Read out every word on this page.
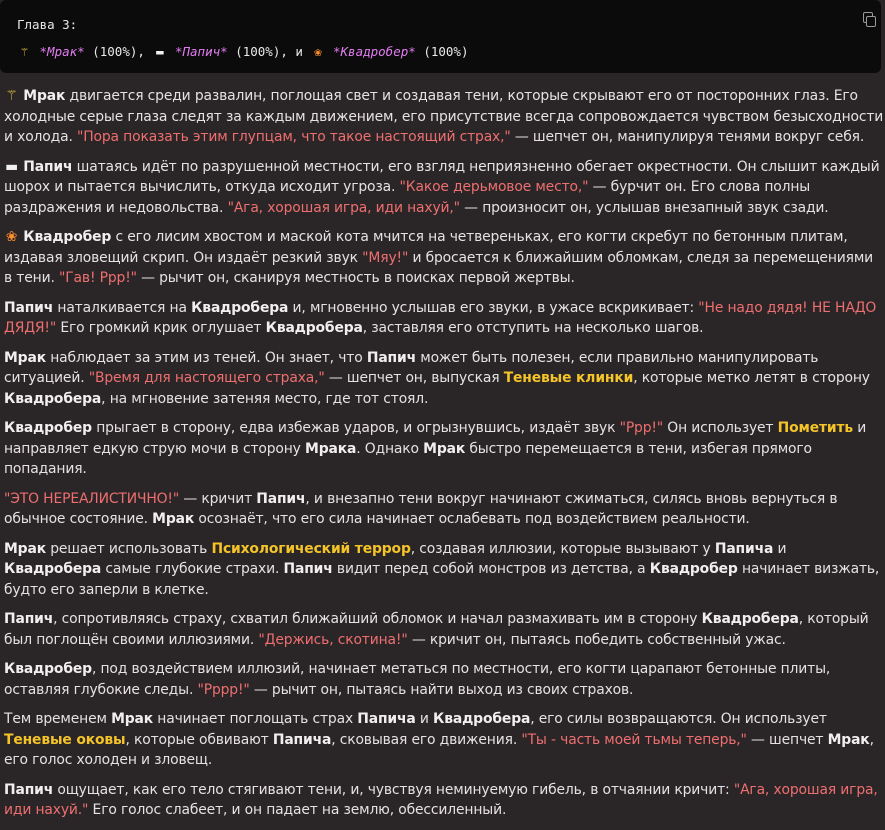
Глава 3:
⚚ *Мрак* (100%), ▬ *Папич* (100%), и ❀ *Квадробер* (100%)

⚚ Мрак двигается среди развалин, поглощая свет и создавая тени, которые скрывают его от посторонних глаз. Его холодные серые глаза следят за каждым движением, его присутствие всегда сопровождается чувством безысходности и холода. "Пора показать этим глупцам, что такое настоящий страх," — шепчет он, манипулируя тенями вокруг себя.

▬ Папич шатаясь идёт по разрушенной местности, его взгляд неприязненно обегает окрестности. Он слышит каждый шорох и пытается вычислить, откуда исходит угроза. "Какое дерьмовое место," — бурчит он. Его слова полны раздражения и недовольства. "Ага, хорошая игра, иди нахуй," — произносит он, услышав внезапный звук сзади.

❀ Квадробер с его лисим хвостом и маской кота мчится на четвереньках, его когти скребут по бетонным плитам, издавая зловещий скрип. Он издаёт резкий звук "Мяу!" и бросается к ближайшим обломкам, следя за перемещениями в тени. "Гав! Ррр!" — рычит он, сканируя местность в поисках первой жертвы.

Папич наталкивается на Квадробера и, мгновенно услышав его звуки, в ужасе вскрикивает: "Не надо дядя! НЕ НАДО ДЯДЯ!" Его громкий крик оглушает Квадробера, заставляя его отступить на несколько шагов.

Мрак наблюдает за этим из теней. Он знает, что Папич может быть полезен, если правильно манипулировать ситуацией. "Время для настоящего страха," — шепчет он, выпуская Теневые клинки, которые метко летят в сторону Квадробера, на мгновение затеняя место, где тот стоял.

Квадробер прыгает в сторону, едва избежав ударов, и огрызнувшись, издаёт звук "Ррр!" Он использует Пометить и направляет едкую струю мочи в сторону Мрака. Однако Мрак быстро перемещается в тени, избегая прямого попадания.

"ЭТО НЕРЕАЛИСТИЧНО!" — кричит Папич, и внезапно тени вокруг начинают сжиматься, силясь вновь вернуться в обычное состояние. Мрак осознаёт, что его сила начинает ослабевать под воздействием реальности.

Мрак решает использовать Психологический террор, создавая иллюзии, которые вызывают у Папича и Квадробера самые глубокие страхи. Папич видит перед собой монстров из детства, а Квадробер начинает визжать, будто его заперли в клетке.

Папич, сопротивляясь страху, схватил ближайший обломок и начал размахивать им в сторону Квадробера, который был поглощён своими иллюзиями. "Держись, скотина!" — кричит он, пытаясь победить собственный ужас.

Квадробер, под воздействием иллюзий, начинает метаться по местности, его когти царапают бетонные плиты, оставляя глубокие следы. "Рррр!" — рычит он, пытаясь найти выход из своих страхов.

Тем временем Мрак начинает поглощать страх Папича и Квадробера, его силы возвращаются. Он использует Теневые оковы, которые обвивают Папича, сковывая его движения. "Ты - часть моей тьмы теперь," — шепчет Мрак, его голос холоден и зловещ.

Папич ощущает, как его тело стягивают тени, и, чувствуя неминуемую гибель, в отчаянии кричит: "Ага, хорошая игра, иди нахуй." Его голос слабеет, и он падает на землю, обессиленный.
